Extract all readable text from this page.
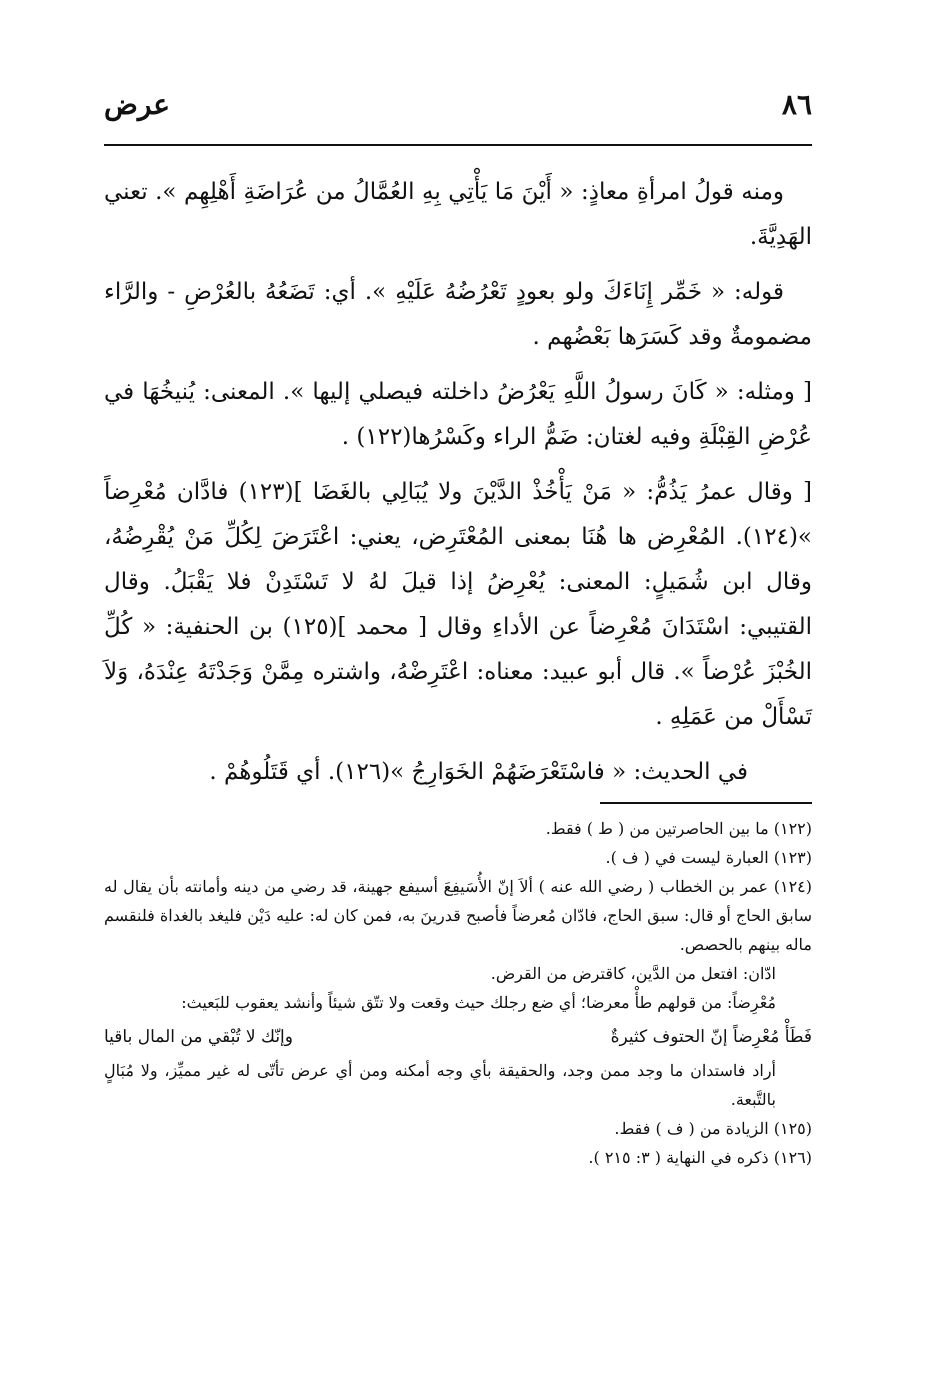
٨٦
عرض

ومنه قولُ امرأةِ معاذٍ: « أَيْنَ مَا يَأْتِي بِهِ العُمَّالُ من عُرَاضَةِ أَهْلِهِم ». تعني الهَدِيَّةَ.

قوله: « خَمِّر إِنَاءَكَ ولو بعودٍ تَعْرُضُهُ عَلَيْهِ ». أي: تَضَعُهُ بالعُرْضِ - والرَّاء مضمومةٌ وقد كَسَرَها بَعْضُهم .

[ ومثله: « كَانَ رسولُ اللَّهِ يَعْرُضُ داخلته فيصلي إليها ». المعنى: يُنيخُهَا في عُرْضِ القِبْلَةِ وفيه لغتان: ضَمُّ الراء وكَسْرُها(١٢٢) .

[ وقال عمرُ يَذُمُّ: « مَنْ يَأْخُذْ الدَّيْنَ ولا يُبَالِي بالغَضَا ](١٢٣) فادَّان مُعْرِضاً »(١٢٤). المُعْرِض ها هُنَا بمعنى المُعْتَرِض، يعني: اعْتَرَضَ لِكُلِّ مَنْ يُقْرِضُهُ، وقال ابن شُمَيلٍ: المعنى: يُعْرِضُ إذا قيلَ لهُ لا تَسْتَدِنْ فلا يَقْبَلُ. وقال القتيبي: اسْتَدَانَ مُعْرِضاً عن الأداءِ وقال [ محمد ](١٢٥) بن الحنفية: « كُلِّ الخُبْزَ عُرْضاً ». قال أبو عبيد: معناه: اعْتَرِضْهُ، واشتره مِمَّنْ وَجَدْتَهُ عِنْدَهُ، وَلاَ تَسْأَلْ من عَمَلِهِ .

في الحديث: « فاسْتَعْرَضَهُمْ الخَوَارِجُ »(١٢٦). أي قَتَلُوهُمْ .

(١٢٢) ما بين الحاصرتين من ( ط ) فقط.

(١٢٣) العبارة ليست في ( ف ).

(١٢٤) عمر بن الخطاب ( رضي الله عنه ) ألاَ إنّ الأُسَيفِعَ أسيفع جهينة، قد رضي من دينه وأمانته بأن يقال له سابق الحاج أو قال: سبق الحاج، فادّان مُعرضاً فأصبح قدرينَ به، فمن كان له: عليه دَيْن فليغد بالغداة فلنقسم ماله بينهم بالحصص.

ادّان: افتعل من الدَّين، كاقترض من القرض.

مُعْرِضاً: من قولهم طأْ معرضا؛ أي ضع رجلك حيث وقعت ولا تتّق شيئاً وأنشد يعقوب للبَعيث:

فَطَأْ مُعْرِضاً إنّ الحتوف كثيرةٌ
وإنّك لا تُبْقي من المال باقيا

أراد فاستدان ما وجد ممن وجد، والحقيقة بأي وجه أمكنه ومن أي عرض تأتّى له غير مميِّز، ولا مُبَالٍ بالتَّبعة.

(١٢٥) الزيادة من ( ف ) فقط.

(١٢٦) ذكره في النهاية ( ٣: ٢١٥ ).
